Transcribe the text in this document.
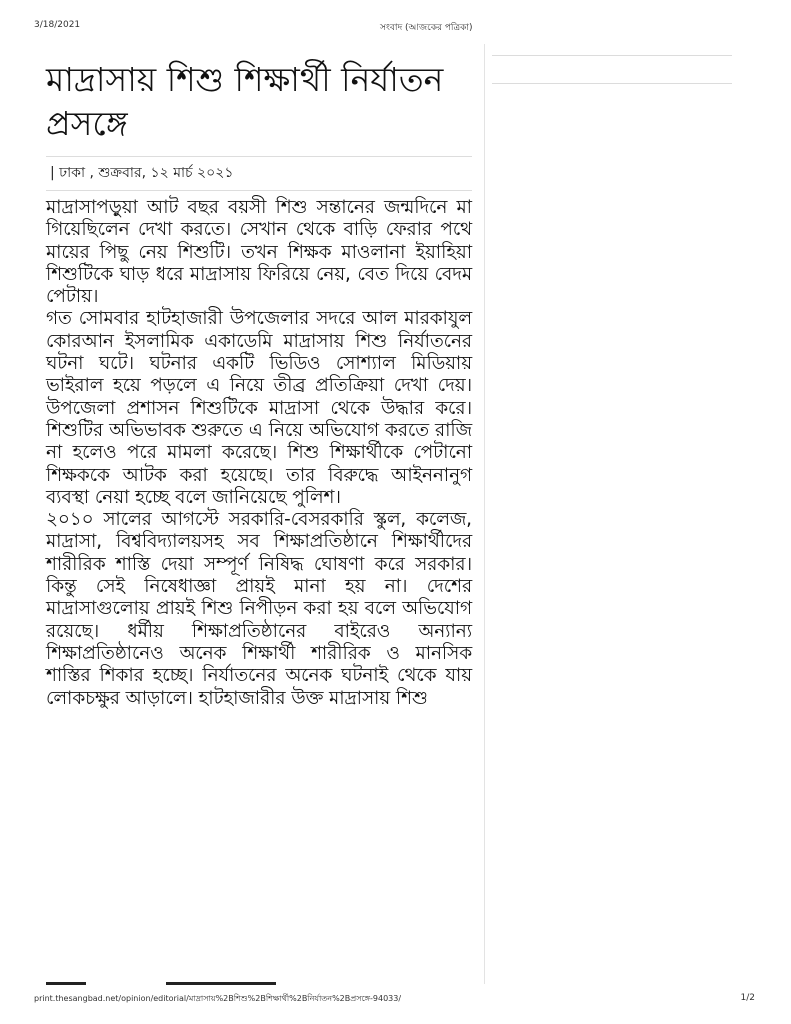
3/18/2021	সংবাদ (আজকের পত্রিকা)
মাদ্রাসায় শিশু শিক্ষার্থী নির্যাতন প্রসঙ্গে
| ঢাকা , শুক্রবার, ১২ মার্চ ২০২১

মাদ্রাসাপড়ুয়া আট বছর বয়সী শিশু সন্তানের জন্মদিনে মা গিয়েছিলেন দেখা করতে। সেখান থেকে বাড়ি ফেরার পথে মায়ের পিছু নেয় শিশুটি। তখন শিক্ষক মাওলানা ইয়াহিয়া শিশুটিকে ঘাড় ধরে মাদ্রাসায় ফিরিয়ে নেয়, বেত দিয়ে বেদম পেটায়।

গত সোমবার হাটহাজারী উপজেলার সদরে আল মারকাযুল কোরআন ইসলামিক একাডেমি মাদ্রাসায় শিশু নির্যাতনের ঘটনা ঘটে। ঘটনার একটি ভিডিও সোশ্যাল মিডিয়ায় ভাইরাল হয়ে পড়লে এ নিয়ে তীব্র প্রতিক্রিয়া দেখা দেয়। উপজেলা প্রশাসন শিশুটিকে মাদ্রাসা থেকে উদ্ধার করে। শিশুটির অভিভাবক শুরুতে এ নিয়ে অভিযোগ করতে রাজি না হলেও পরে মামলা করেছে। শিশু শিক্ষার্থীকে পেটানো শিক্ষককে আটক করা হয়েছে। তার বিরুদ্ধে আইননানুগ ব্যবস্থা নেয়া হচ্ছে বলে জানিয়েছে পুলিশ।

২০১০ সালের আগস্টে সরকারি-বেসরকারি স্কুল, কলেজ, মাদ্রাসা, বিশ্ববিদ্যালয়সহ সব শিক্ষাপ্রতিষ্ঠানে শিক্ষার্থীদের শারীরিক শাস্তি দেয়া সম্পূর্ণ নিষিদ্ধ ঘোষণা করে সরকার। কিন্তু সেই নিষেধাজ্ঞা প্রায়ই মানা হয় না। দেশের মাদ্রাসাগুলোয় প্রায়ই শিশু নিপীড়ন করা হয় বলে অভিযোগ রয়েছে। ধর্মীয় শিক্ষাপ্রতিষ্ঠানের বাইরেও অন্যান্য শিক্ষাপ্রতিষ্ঠানেও অনেক শিক্ষার্থী শারীরিক ও মানসিক শাস্তির শিকার হচ্ছে। নির্যাতনের অনেক ঘটনাই থেকে যায় লোকচক্ষুর আড়ালে। হাটহাজারীর উক্ত মাদ্রাসায় শিশু

print.thesangbad.net/opinion/editorial/মাদ্রাসায়%2Bশিশু%2Bশিক্ষার্থী%2Bনির্যাতন%2Bপ্রসঙ্গে-94033/	1/2
